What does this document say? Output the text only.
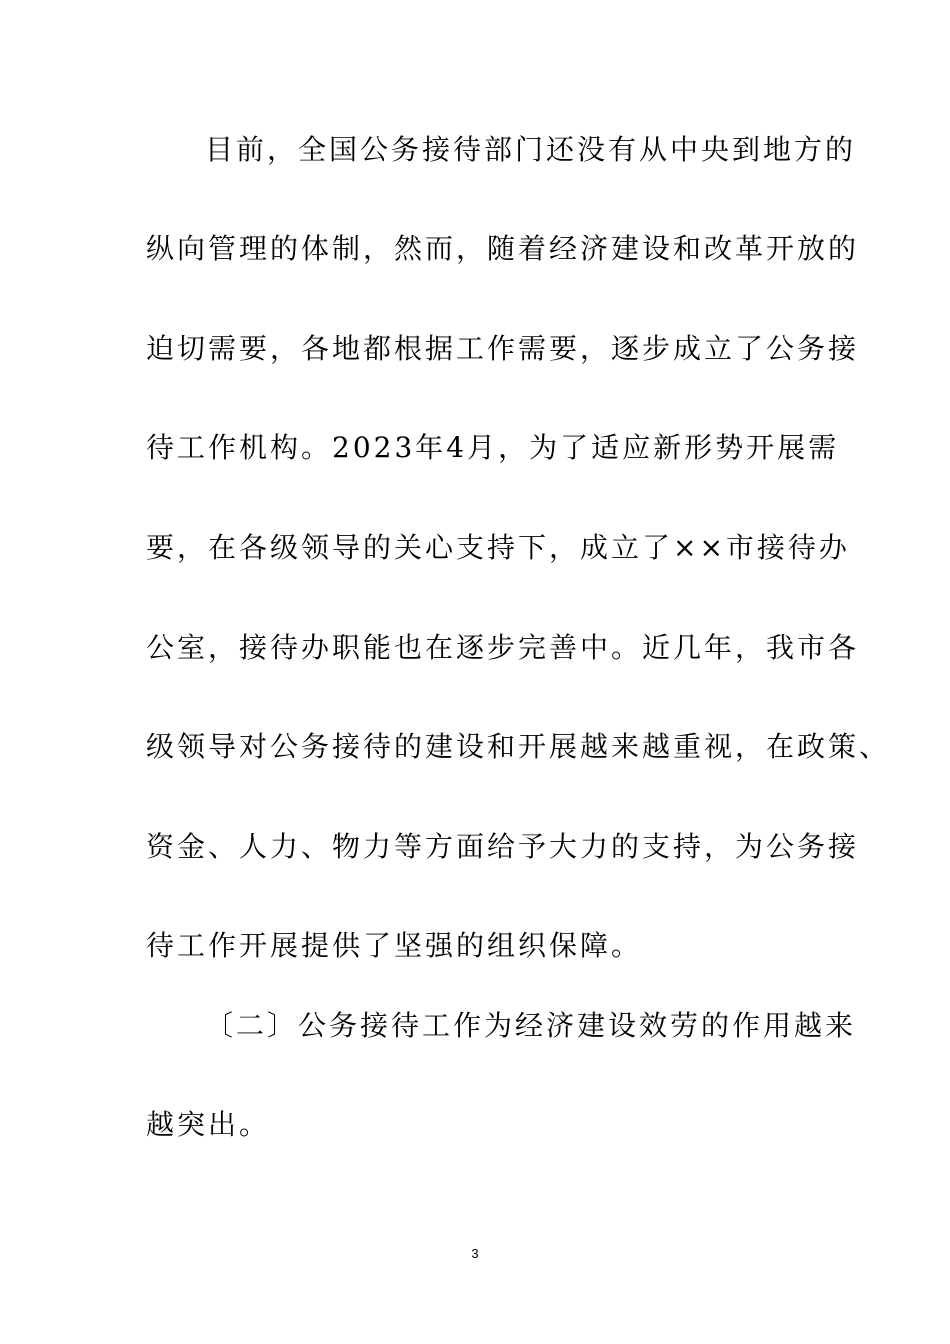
目前，全国公务接待部门还没有从中央到地方的
纵向管理的体制，然而，随着经济建设和改革开放的
迫切需要，各地都根据工作需要，逐步成立了公务接
待工作机构。2023年4月，为了适应新形势开展需
要，在各级领导的关心支持下，成立了××市接待办
公室，接待办职能也在逐步完善中。近几年，我市各
级领导对公务接待的建设和开展越来越重视，在政策、
资金、人力、物力等方面给予大力的支持，为公务接
待工作开展提供了坚强的组织保障。
〔二〕公务接待工作为经济建设效劳的作用越来
越突出。
3
